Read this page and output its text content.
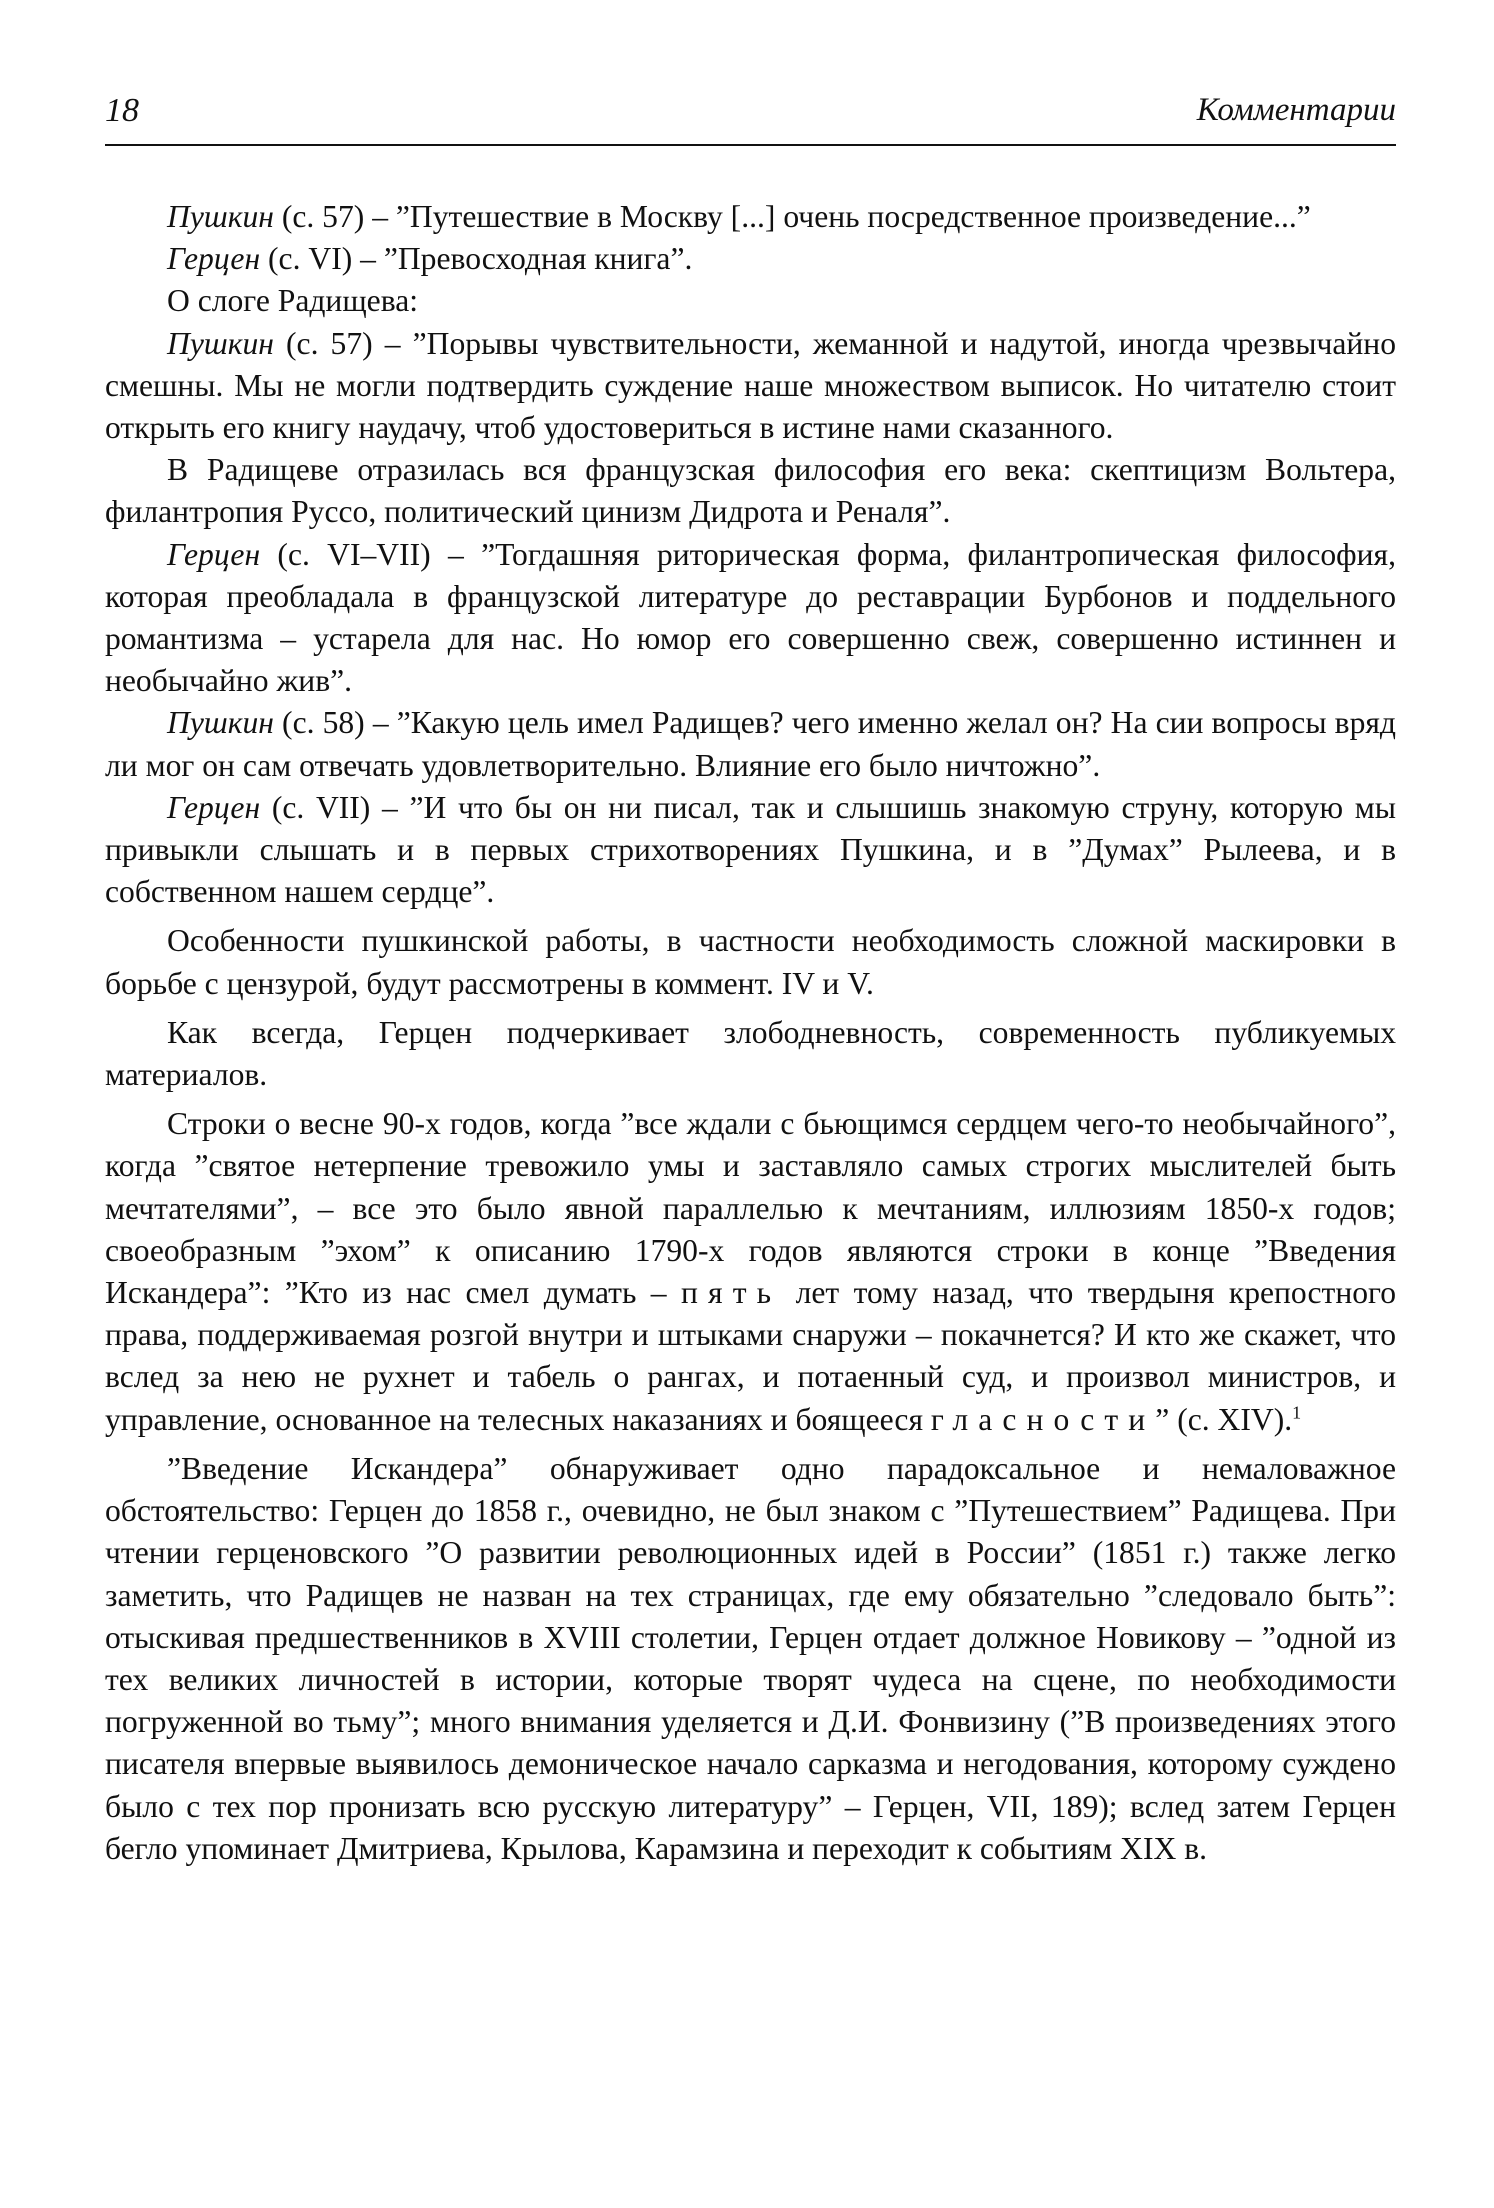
18	Комментарии

Пушкин (с. 57) – ”Путешествие в Москву [...] очень посредственное произведение...”

Герцен (с. VI) – ”Превосходная книга”.

О слоге Радищева:

Пушкин (с. 57) – ”Порывы чувствительности, жеманной и надутой, иногда чрезвычайно смешны. Мы не могли подтвердить суждение наше множеством выписок. Но читателю стоит открыть его книгу наудачу, чтоб удостовериться в истине нами сказанного.

В Радищеве отразилась вся французская философия его века: скептицизм Вольтера, филантропия Руссо, политический цинизм Дидрота и Реналя”.

Герцен (с. VI–VII) – ”Тогдашняя риторическая форма, филантропическая философия, которая преобладала в французской литературе до реставрации Бурбонов и поддельного романтизма – устарела для нас. Но юмор его совершенно свеж, совершенно истиннен и необычайно жив”.

Пушкин (с. 58) – ”Какую цель имел Радищев? чего именно желал он? На сии вопросы вряд ли мог он сам отвечать удовлетворительно. Влияние его было ничтожно”.

Герцен (с. VII) – ”И что бы он ни писал, так и слышишь знакомую струну, которую мы привыкли слышать и в первых стрихотворениях Пушкина, и в ”Думах” Рылеева, и в собственном нашем сердце”.

Особенности пушкинской работы, в частности необходимость сложной маскировки в борьбе с цензурой, будут рассмотрены в коммент. IV и V.

Как всегда, Герцен подчеркивает злободневность, современность публикуемых материалов.

Строки о весне 90-х годов, когда ”все ждали с бьющимся сердцем чего-то необычайного”, когда ”святое нетерпение тревожило умы и заставляло самых строгих мыслителей быть мечтателями”, – все это было явной параллелью к мечтаниям, иллюзиям 1850-х годов; своеобразным ”эхом” к описанию 1790-х годов являются строки в конце ”Введения Искандера”: ”Кто из нас смел думать – пять лет тому назад, что твердыня крепостного права, поддерживаемая розгой внутри и штыками снаружи – покачнется? И кто же скажет, что вслед за нею не рухнет и табель о рангах, и потаенный суд, и произвол министров, и управление, основанное на телесных наказаниях и боящееся гласности” (с. XIV).$^1$

”Введение Искандера” обнаруживает одно парадоксальное и немаловажное обстоятельство: Герцен до 1858 г., очевидно, не был знаком с ”Путешествием” Радищева. При чтении герценовского ”О развитии революционных идей в России” (1851 г.) также легко заметить, что Радищев не назван на тех страницах, где ему обязательно ”следовало быть”: отыскивая предшественников в XVIII столетии, Герцен отдает должное Новикову – ”одной из тех великих личностей в истории, которые творят чудеса на сцене, по необходимости погруженной во тьму”; много внимания уделяется и Д.И. Фонвизину (”В произведениях этого писателя впервые выявилось демоническое начало сарказма и негодования, которому суждено было с тех пор пронизать всю русскую литературу” – Герцен, VII, 189); вслед затем Герцен бегло упоминает Дмитриева, Крылова, Карамзина и переходит к событиям XIX в.
